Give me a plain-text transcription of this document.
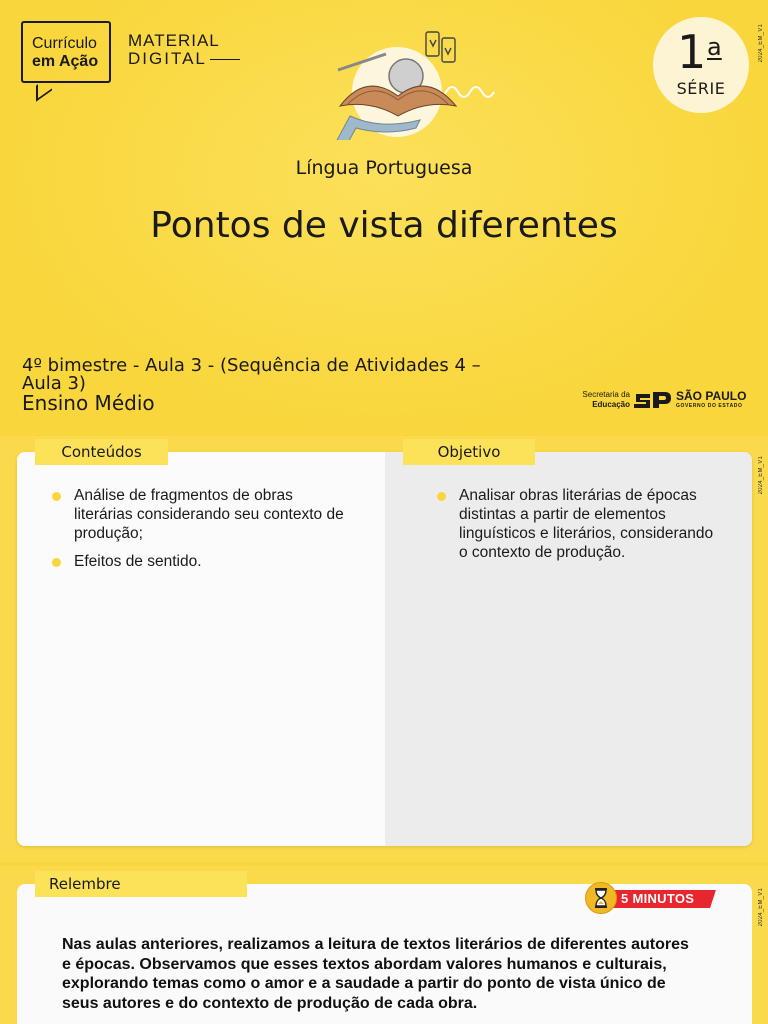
Currículo
em Ação
MATERIAL
DIGITAL	1 a
SÉRIE
2024_EM_V1
Língua Portuguesa
Pontos de vista diferentes
4º bimestre - Aula 3 - (Sequência de Atividades 4 – Aula 3)
Ensino Médio	Secretaria da
Educação
SÃO PAULO
GOVERNO DO ESTADO
Conteúdos	Objetivo
Análise de fragmentos de obras literárias considerando seu contexto de produção;
Efeitos de sentido.
Analisar obras literárias de épocas distintas a partir de elementos linguísticos e literários, considerando o contexto de produção.
2024_EM_V1
Relembre
5 MINUTOS	2024_EM_V1
Nas aulas anteriores, realizamos a leitura de textos literários de diferentes autores e épocas. Observamos que esses textos abordam valores humanos e culturais, explorando temas como o amor e a saudade a partir do ponto de vista único de seus autores e do contexto de produção de cada obra.
